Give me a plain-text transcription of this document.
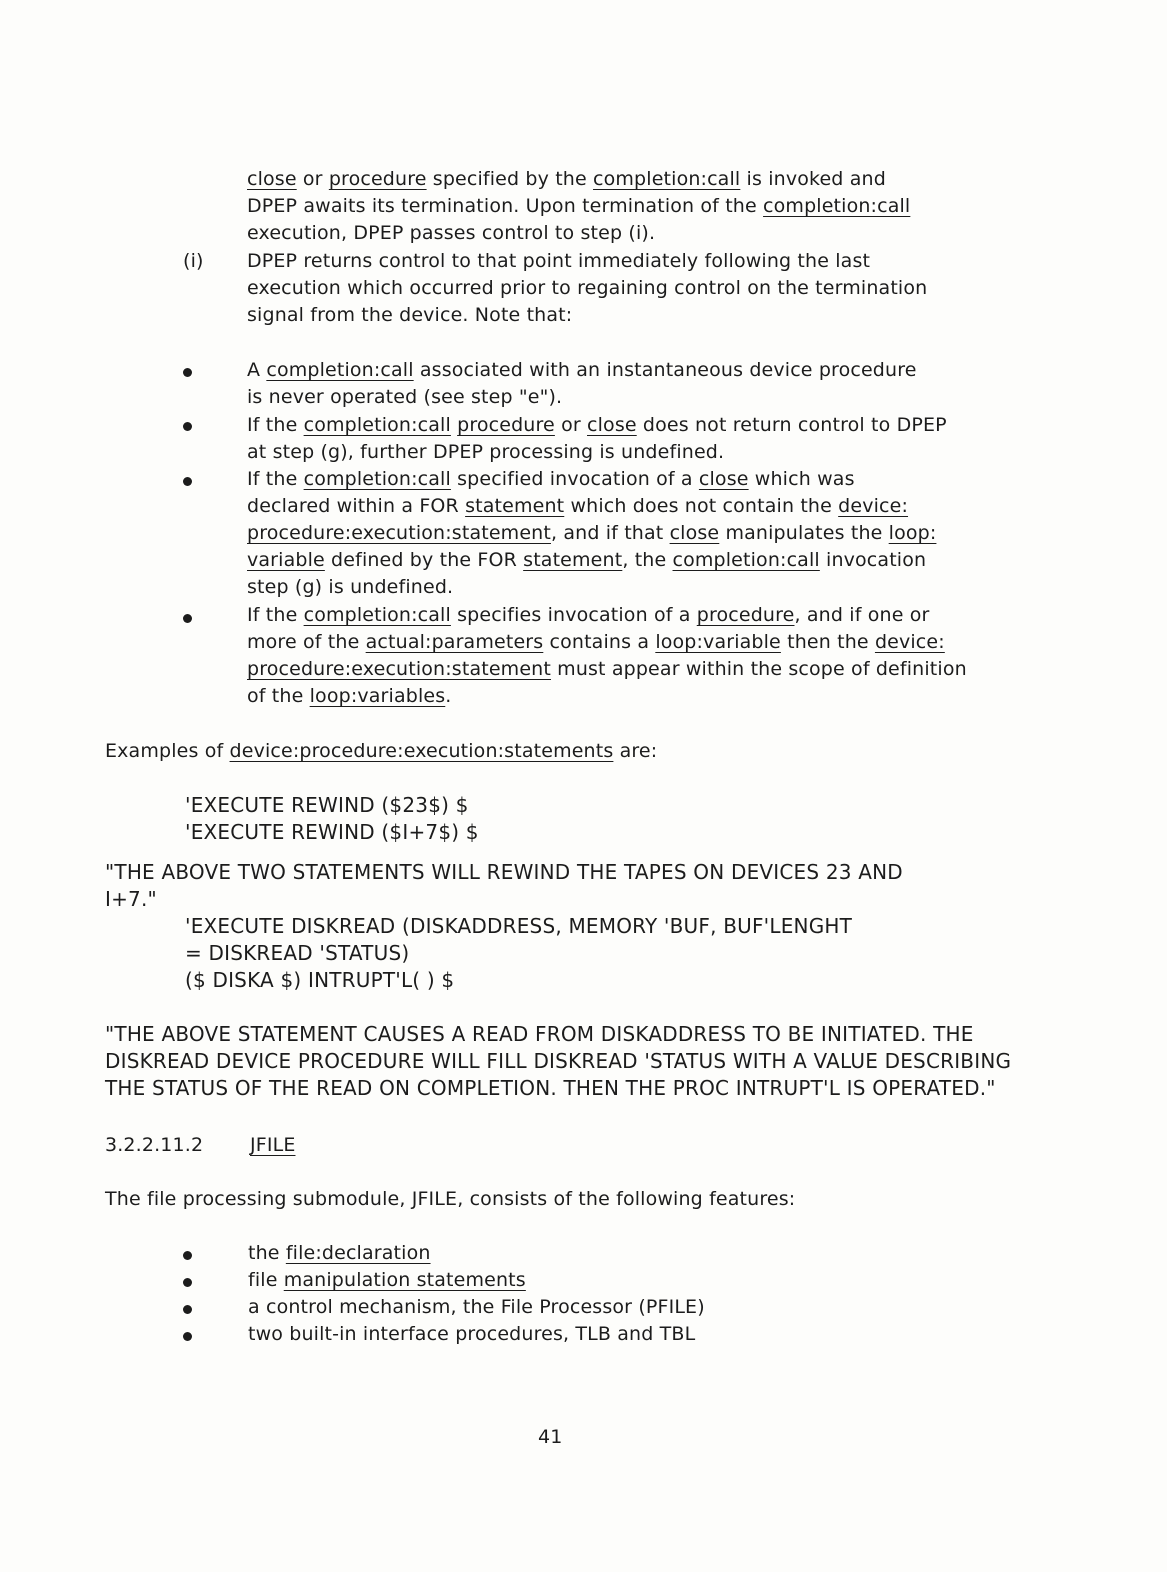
close or procedure specified by the completion:call is invoked and
DPEP awaits its termination. Upon termination of the completion:call
execution, DPEP passes control to step (i).
(i) DPEP returns control to that point immediately following the last
execution which occurred prior to regaining control on the termination
signal from the device. Note that:
A completion:call associated with an instantaneous device procedure
is never operated (see step "e").
If the completion:call procedure or close does not return control to DPEP
at step (g), further DPEP processing is undefined.
If the completion:call specified invocation of a close which was
declared within a FOR statement which does not contain the device:
procedure:execution:statement, and if that close manipulates the loop:
variable defined by the FOR statement, the completion:call invocation
step (g) is undefined.
If the completion:call specifies invocation of a procedure, and if one or
more of the actual:parameters contains a loop:variable then the device:
procedure:execution:statement must appear within the scope of definition
of the loop:variables.
Examples of device:procedure:execution:statements are:
'EXECUTE REWIND ($23$) $
'EXECUTE REWIND ($I+7$) $
"THE ABOVE TWO STATEMENTS WILL REWIND THE TAPES ON DEVICES 23 AND
I+7."
'EXECUTE DISKREAD (DISKADDRESS, MEMORY 'BUF, BUF'LENGHT
= DISKREAD 'STATUS)
($ DISKA $) INTRUPT'L( ) $
"THE ABOVE STATEMENT CAUSES A READ FROM DISKADDRESS TO BE INITIATED. THE
DISKREAD DEVICE PROCEDURE WILL FILL DISKREAD 'STATUS WITH A VALUE DESCRIBING
THE STATUS OF THE READ ON COMPLETION. THEN THE PROC INTRUPT'L IS OPERATED."
3.2.2.11.2 JFILE
The file processing submodule, JFILE, consists of the following features:
the file:declaration
file manipulation statements
a control mechanism, the File Processor (PFILE)
two built-in interface procedures, TLB and TBL
41
